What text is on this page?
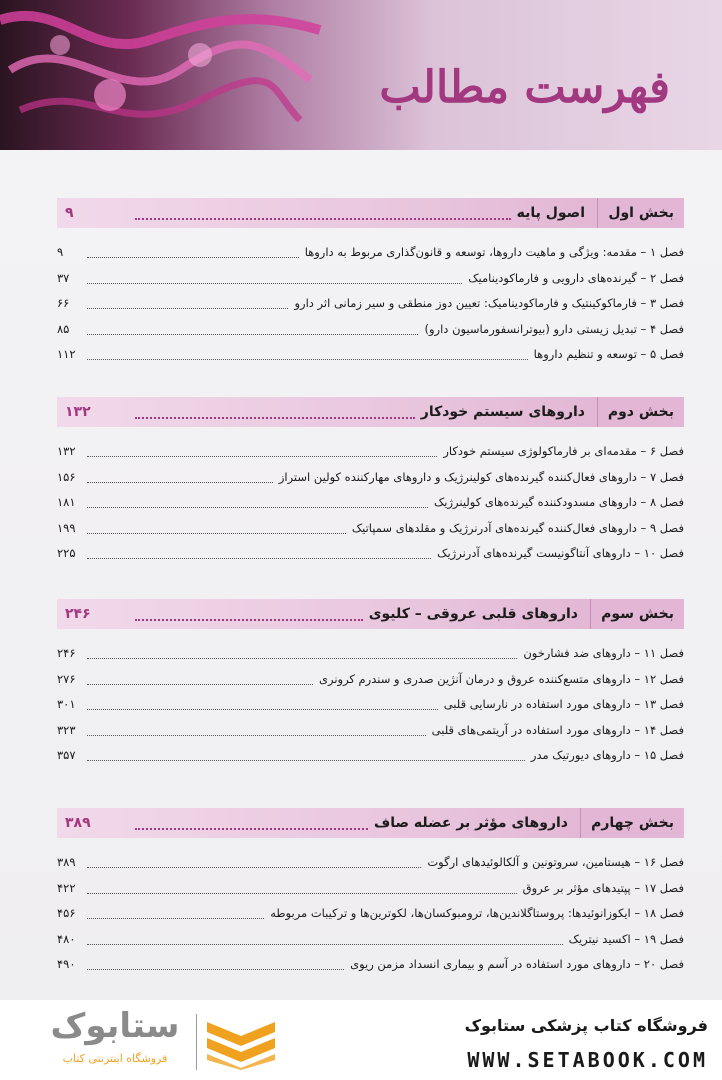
فهرست مطالب
بخش اول
اصول پایه
۹
فصل ۱ – مقدمه: ویژگی و ماهیت داروها، توسعه و قانون‌گذاری مربوط به داروها
۹
فصل ۲ – گیرنده‌های دارویی و فارماکودینامیک
۳۷
فصل ۳ – فارماکوکینتیک و فارماکودینامیک: تعیین دوز منطقی و سیر زمانی اثر دارو
۶۶
فصل ۴ – تبدیل زیستی دارو (بیوترانسفورماسیون دارو)
۸۵
فصل ۵ – توسعه و تنظیم داروها
۱۱۲
بخش دوم
داروهای سیستم خودکار
۱۳۲
فصل ۶ – مقدمه‌ای بر فارماکولوژی سیستم خودکار
۱۳۲
فصل ۷ – داروهای فعال‌کننده گیرنده‌های کولینرژیک و داروهای مهارکننده کولین استراز
۱۵۶
فصل ۸ – داروهای مسدودکننده گیرنده‌های کولینرژیک
۱۸۱
فصل ۹ – داروهای فعال‌کننده گیرنده‌های آدرنرژیک و مقلدهای سمپاتیک
۱۹۹
فصل ۱۰ – داروهای آنتاگونیست گیرنده‌های آدرنرژیک
۲۲۵
بخش سوم
داروهای قلبی عروقی – کلیوی
۲۴۶
فصل ۱۱ – داروهای ضد فشارخون
۲۴۶
فصل ۱۲ – داروهای متسع‌کننده عروق و درمان آنژین صدری و سندرم کرونری
۲۷۶
فصل ۱۳ – داروهای مورد استفاده در نارسایی قلبی
۳۰۱
فصل ۱۴ – داروهای مورد استفاده در آریتمی‌های قلبی
۳۲۳
فصل ۱۵ – داروهای دیورتیک مدر
۳۵۷
بخش چهارم
داروهای مؤثر بر عضله صاف
۳۸۹
فصل ۱۶ – هیستامین، سروتونین و آلکالوئیدهای ارگوت
۳۸۹
فصل ۱۷ – پپتیدهای مؤثر بر عروق
۴۲۲
فصل ۱۸ – ایکوزانوئیدها: پروستاگلاندین‌ها، ترومبوکسان‌ها، لکوترین‌ها و ترکیبات مربوطه
۴۵۶
فصل ۱۹ – اکسید نیتریک
۴۸۰
فصل ۲۰ – داروهای مورد استفاده در آسم و بیماری انسداد مزمن ریوی
۴۹۰
ستابوک
فروشگاه اینترنتی کتاب
فروشگاه کتاب پزشکی ستابوک
WWW.SETABOOK.COM
